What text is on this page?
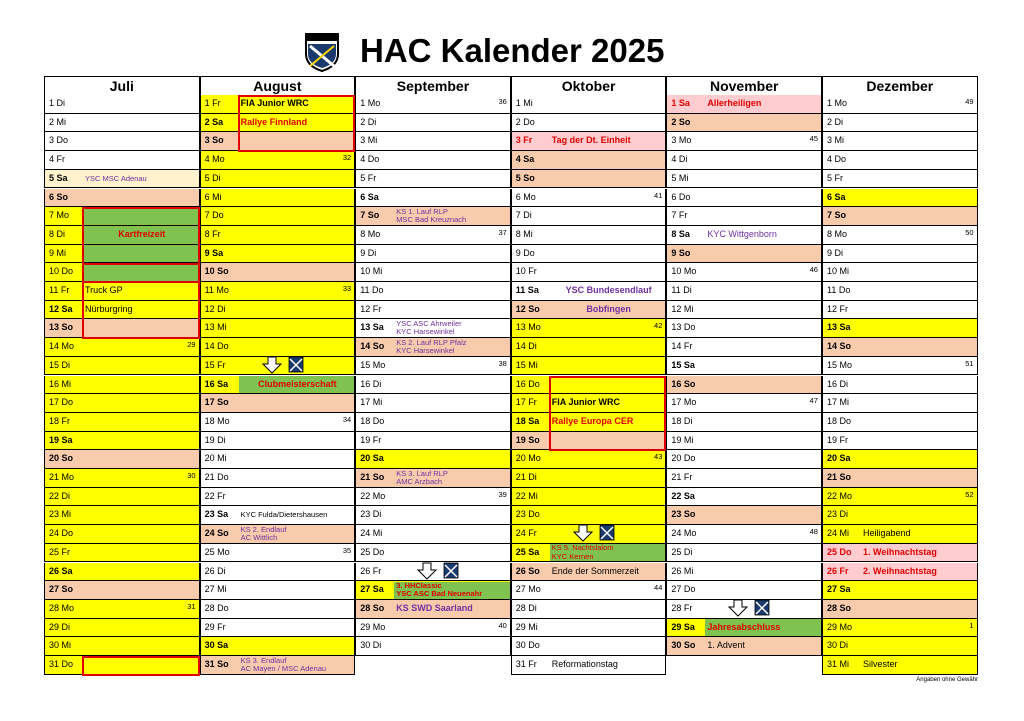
HAC Kalender 2025
Juli
1 Di
2 Mi
3 Do
4 Fr
5 Sa YSC MSC Adenau
6 So
7 Mo
8 Di	Kartfreizeit
9 Mi
10 Do
11 Fr Truck GP
12 Sa Nürburgring
13 So
14 Mo	29
15 Di
16 Mi
17 Do
18 Fr
19 Sa
20 So
21 Mo	30
22 Di
23 Mi
24 Do
25 Fr
26 Sa
27 So
28 Mo	31
29 Di
30 Mi
31 Do
August
1 Fr FIA Junior WRC
2 Sa Rallye Finnland
3 So
4 Mo	32
5 Di
6 Mi
7 Do
8 Fr
9 Sa
10 So
11 Mo	33
12 Di
13 Mi
14 Do
15 Fr
16 Sa	Clubmeisterschaft
17 So
18 Mo	34
19 Di
20 Mi
21 Do
22 Fr
23 Sa KYC Fulda/Dietershausen
24 So KS 2. Endlauf
AC Wittlich
25 Mo	35
26 Di
27 Mi
28 Do
29 Fr
30 Sa
31 So KS 3. Endlauf
AC Mayen / MSC Adenau
September
1 Mo	36
2 Di
3 Mi
4 Do
5 Fr
6 Sa
7 So KS 1. Lauf RLP
MSC Bad Kreuznach
8 Mo	37
9 Di
10 Mi
11 Do
12 Fr
13 Sa YSC ASC Ahrweiler
KYC Harsewinkel
14 So KS 2. Lauf RLP Pfalz
KYC Harsewinkel
15 Mo	38
16 Di
17 Mi
18 Do
19 Fr
20 Sa
21 So KS 3. Lauf RLP
AMC Arzbach
22 Mo	39
23 Di
24 Mi
25 Do
26 Fr
27 Sa 3. HHClassic
YSC ASC Bad Neuenahr
28 So KS SWD Saarland
29 Mo	40
30 Di
Oktober
1 Mi
2 Do
3 Fr Tag der Dt. Einheit
4 Sa
5 So
6 Mo	41
7 Di
8 Mi
9 Do
10 Fr
11 Sa	YSC Bundesendlauf
12 So	Bobfingen
13 Mo	42
14 Di
15 Mi
16 Do
17 Fr FIA Junior WRC
18 Sa Rallye Europa CER
19 So
20 Mo	43
21 Di
22 Mi
23 Do
24 Fr
25 Sa KS 5. Nachtslalom
KYC Kernen
26 So Ende der Sommerzeit
27 Mo	44
28 Di
29 Mi
30 Do
31 Fr Reformationstag
November
1 Sa Allerheiligen
2 So
3 Mo	45
4 Di
5 Mi
6 Do
7 Fr
8 Sa KYC Wittgenborn
9 So
10 Mo	46
11 Di
12 Mi
13 Do
14 Fr
15 Sa
16 So
17 Mo	47
18 Di
19 Mi
20 Do
21 Fr
22 Sa
23 So
24 Mo	48
25 Di
26 Mi
27 Do
28 Fr
29 Sa Jahresabschluss
30 So 1. Advent
Dezember
1 Mo	49
2 Di
3 Mi
4 Do
5 Fr
6 Sa
7 So
8 Mo	50
9 Di
10 Mi
11 Do
12 Fr
13 Sa
14 So
15 Mo	51
16 Di
17 Mi
18 Do
19 Fr
20 Sa
21 So
22 Mo	52
23 Di
24 Mi Heiligabend
25 Do 1. Weihnachtstag
26 Fr 2. Weihnachtstag
27 Sa
28 So
29 Mo	1
30 Di
31 Mi Silvester
Angaben ohne Gewähr
